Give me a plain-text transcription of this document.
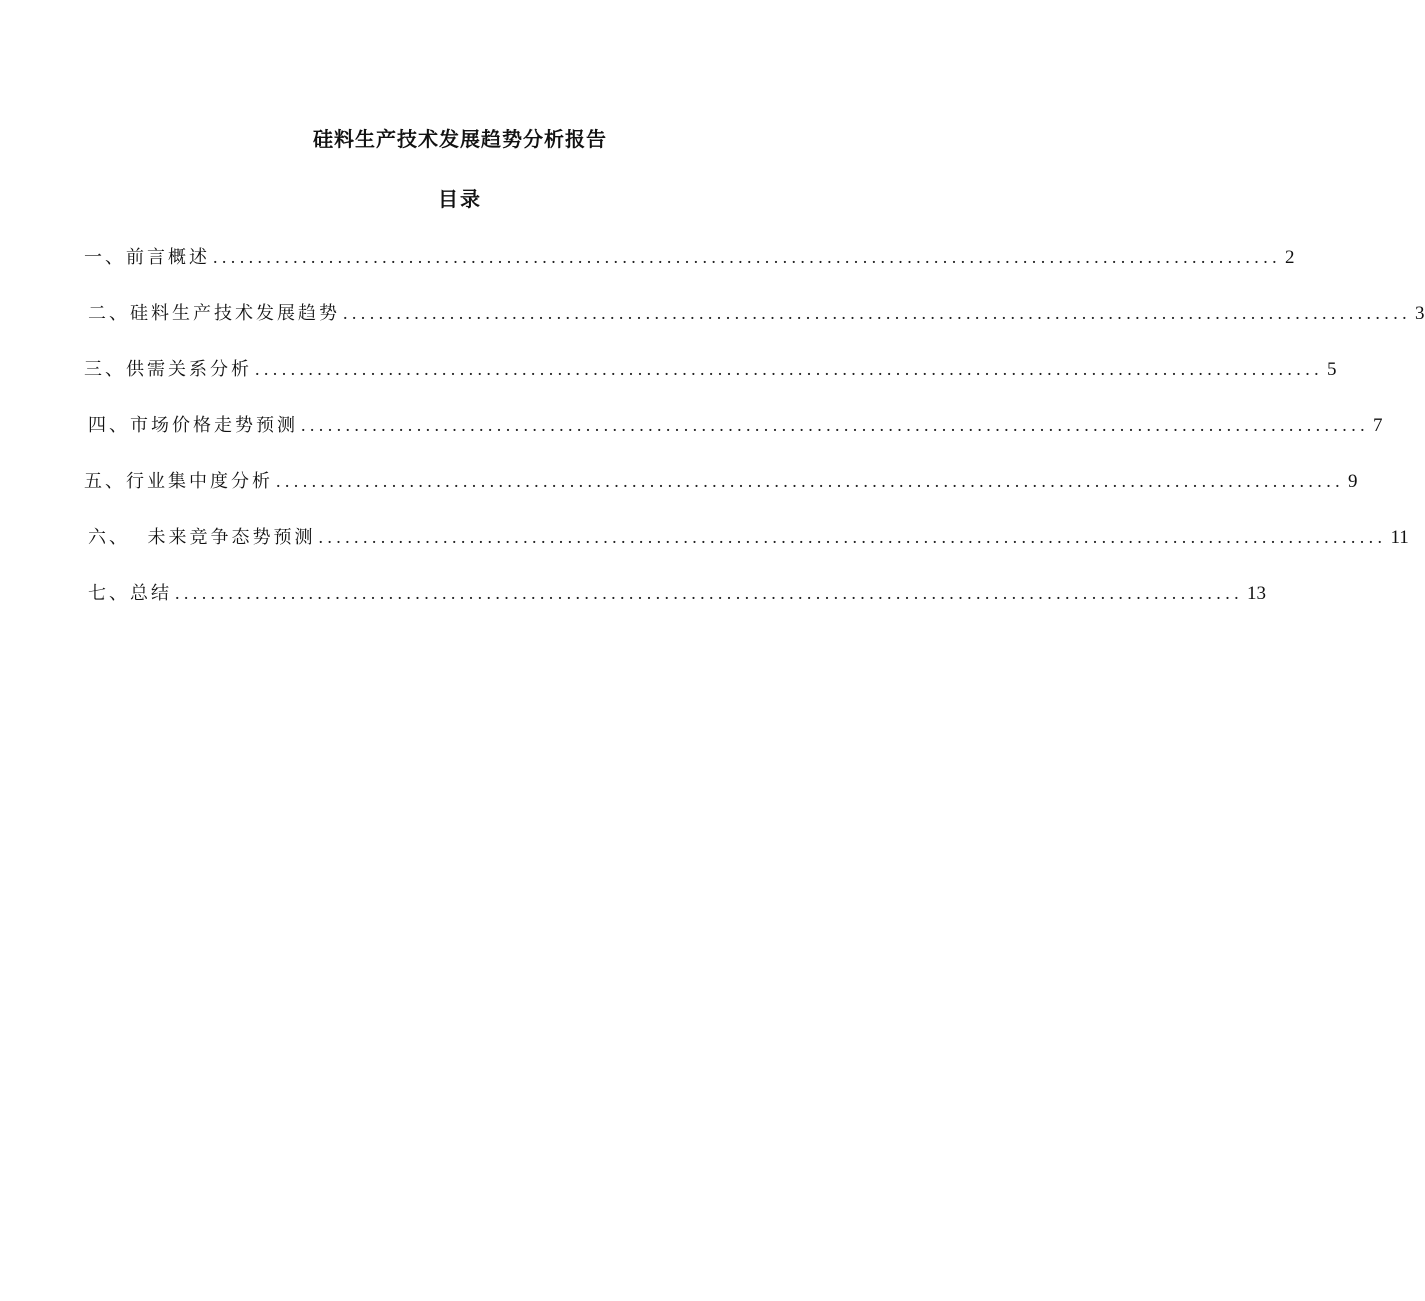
硅料生产技术发展趋势分析报告
目录
一、 前言概述 ........................................................................................................................ 2
二、 硅料生产技术发展趋势 ........................................................................................................................ 3
三、 供需关系分析 ........................................................................................................................ 5
四、 市场价格走势预测 ........................................................................................................................ 7
五、 行业集中度分析 ........................................................................................................................ 9
六、 未来竞争态势预测 ........................................................................................................................ 11
七、 总结 ........................................................................................................................ 13
